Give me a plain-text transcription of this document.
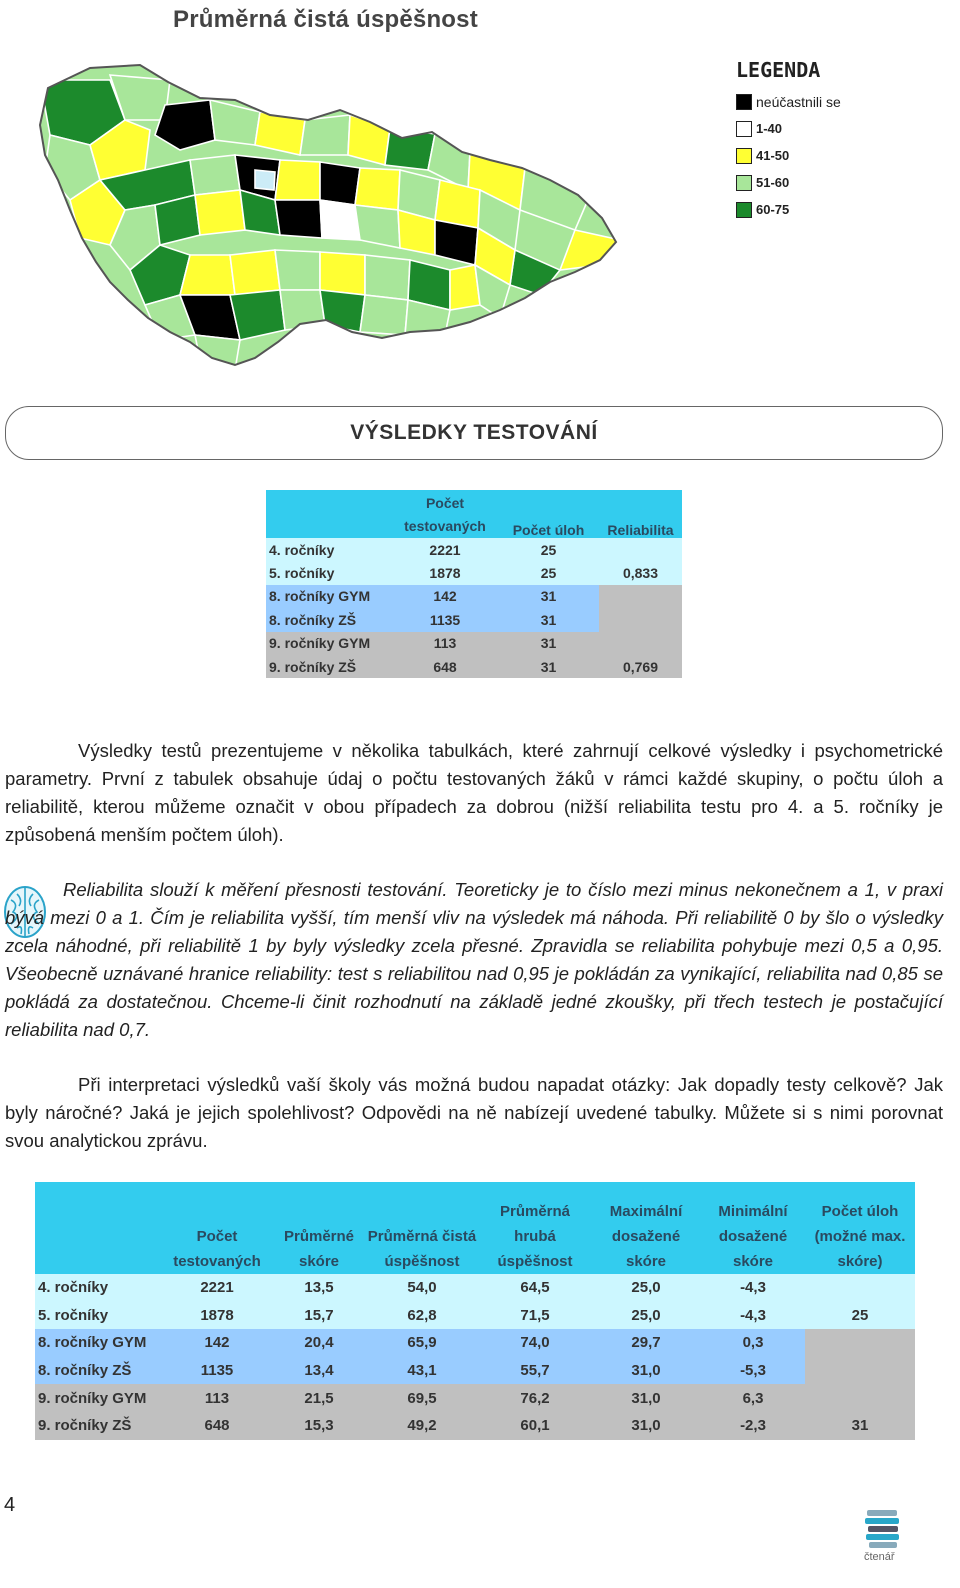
Průměrná čistá úspěšnost
LEGENDA
neúčastnili se
1-40
41-50
51-60
60-75
VÝSLEDKY TESTOVÁNÍ
	Počet testovaných	Počet úloh	Reliabilita
4. ročníky	2221	25	
5. ročníky	1878	25	0,833
8. ročníky GYM	142	31	
8. ročníky ZŠ	1135	31	
9. ročníky GYM	113	31	
9. ročníky ZŠ	648	31	0,769
Výsledky testů prezentujeme v několika tabulkách, které zahrnují celkové výsledky i psychometrické parametry. První z tabulek obsahuje údaj o počtu testovaných žáků v rámci každé skupiny, o počtu úloh a reliabilitě, kterou můžeme označit v obou případech za dobrou (nižší reliabilita testu pro 4. a 5. ročníky je způsobená menším počtem úloh).
Reliabilita slouží k měření přesnosti testování. Teoreticky je to číslo mezi minus nekonečnem a 1, v praxi bývá mezi 0 a 1. Čím je reliabilita vyšší, tím menší vliv na výsledek má náhoda. Při reliabilitě 0 by šlo o výsledky zcela náhodné, při reliabilitě 1 by byly výsledky zcela přesné. Zpravidla se reliabilita pohybuje mezi 0,5 a 0,95. Všeobecně uznávané hranice reliability: test s reliabilitou nad 0,95 je pokládán za vynikající, reliabilita nad 0,85 se pokládá za dostatečnou. Chceme-li činit rozhodnutí na základě jedné zkoušky, při třech testech je postačující reliabilita nad 0,7.
Při interpretaci výsledků vaší školy vás možná budou napadat otázky: Jak dopadly testy celkově? Jak byly náročné? Jaká je jejich spolehlivost? Odpovědi na ně nabízejí uvedené tabulky. Můžete si s nimi porovnat svou analytickou zprávu.
	Počet testovaných	Průměrné skóre	Průměrná čistá úspěšnost	Průměrná hrubá úspěšnost	Maximální dosažené skóre	Minimální dosažené skóre	Počet úloh (možné max. skóre)
4. ročníky	2221	13,5	54,0	64,5	25,0	-4,3	
5. ročníky	1878	15,7	62,8	71,5	25,0	-4,3	25
8. ročníky GYM	142	20,4	65,9	74,0	29,7	0,3	
8. ročníky ZŠ	1135	13,4	43,1	55,7	31,0	-5,3	
9. ročníky GYM	113	21,5	69,5	76,2	31,0	6,3	
9. ročníky ZŠ	648	15,3	49,2	60,1	31,0	-2,3	31
4
čtenář
